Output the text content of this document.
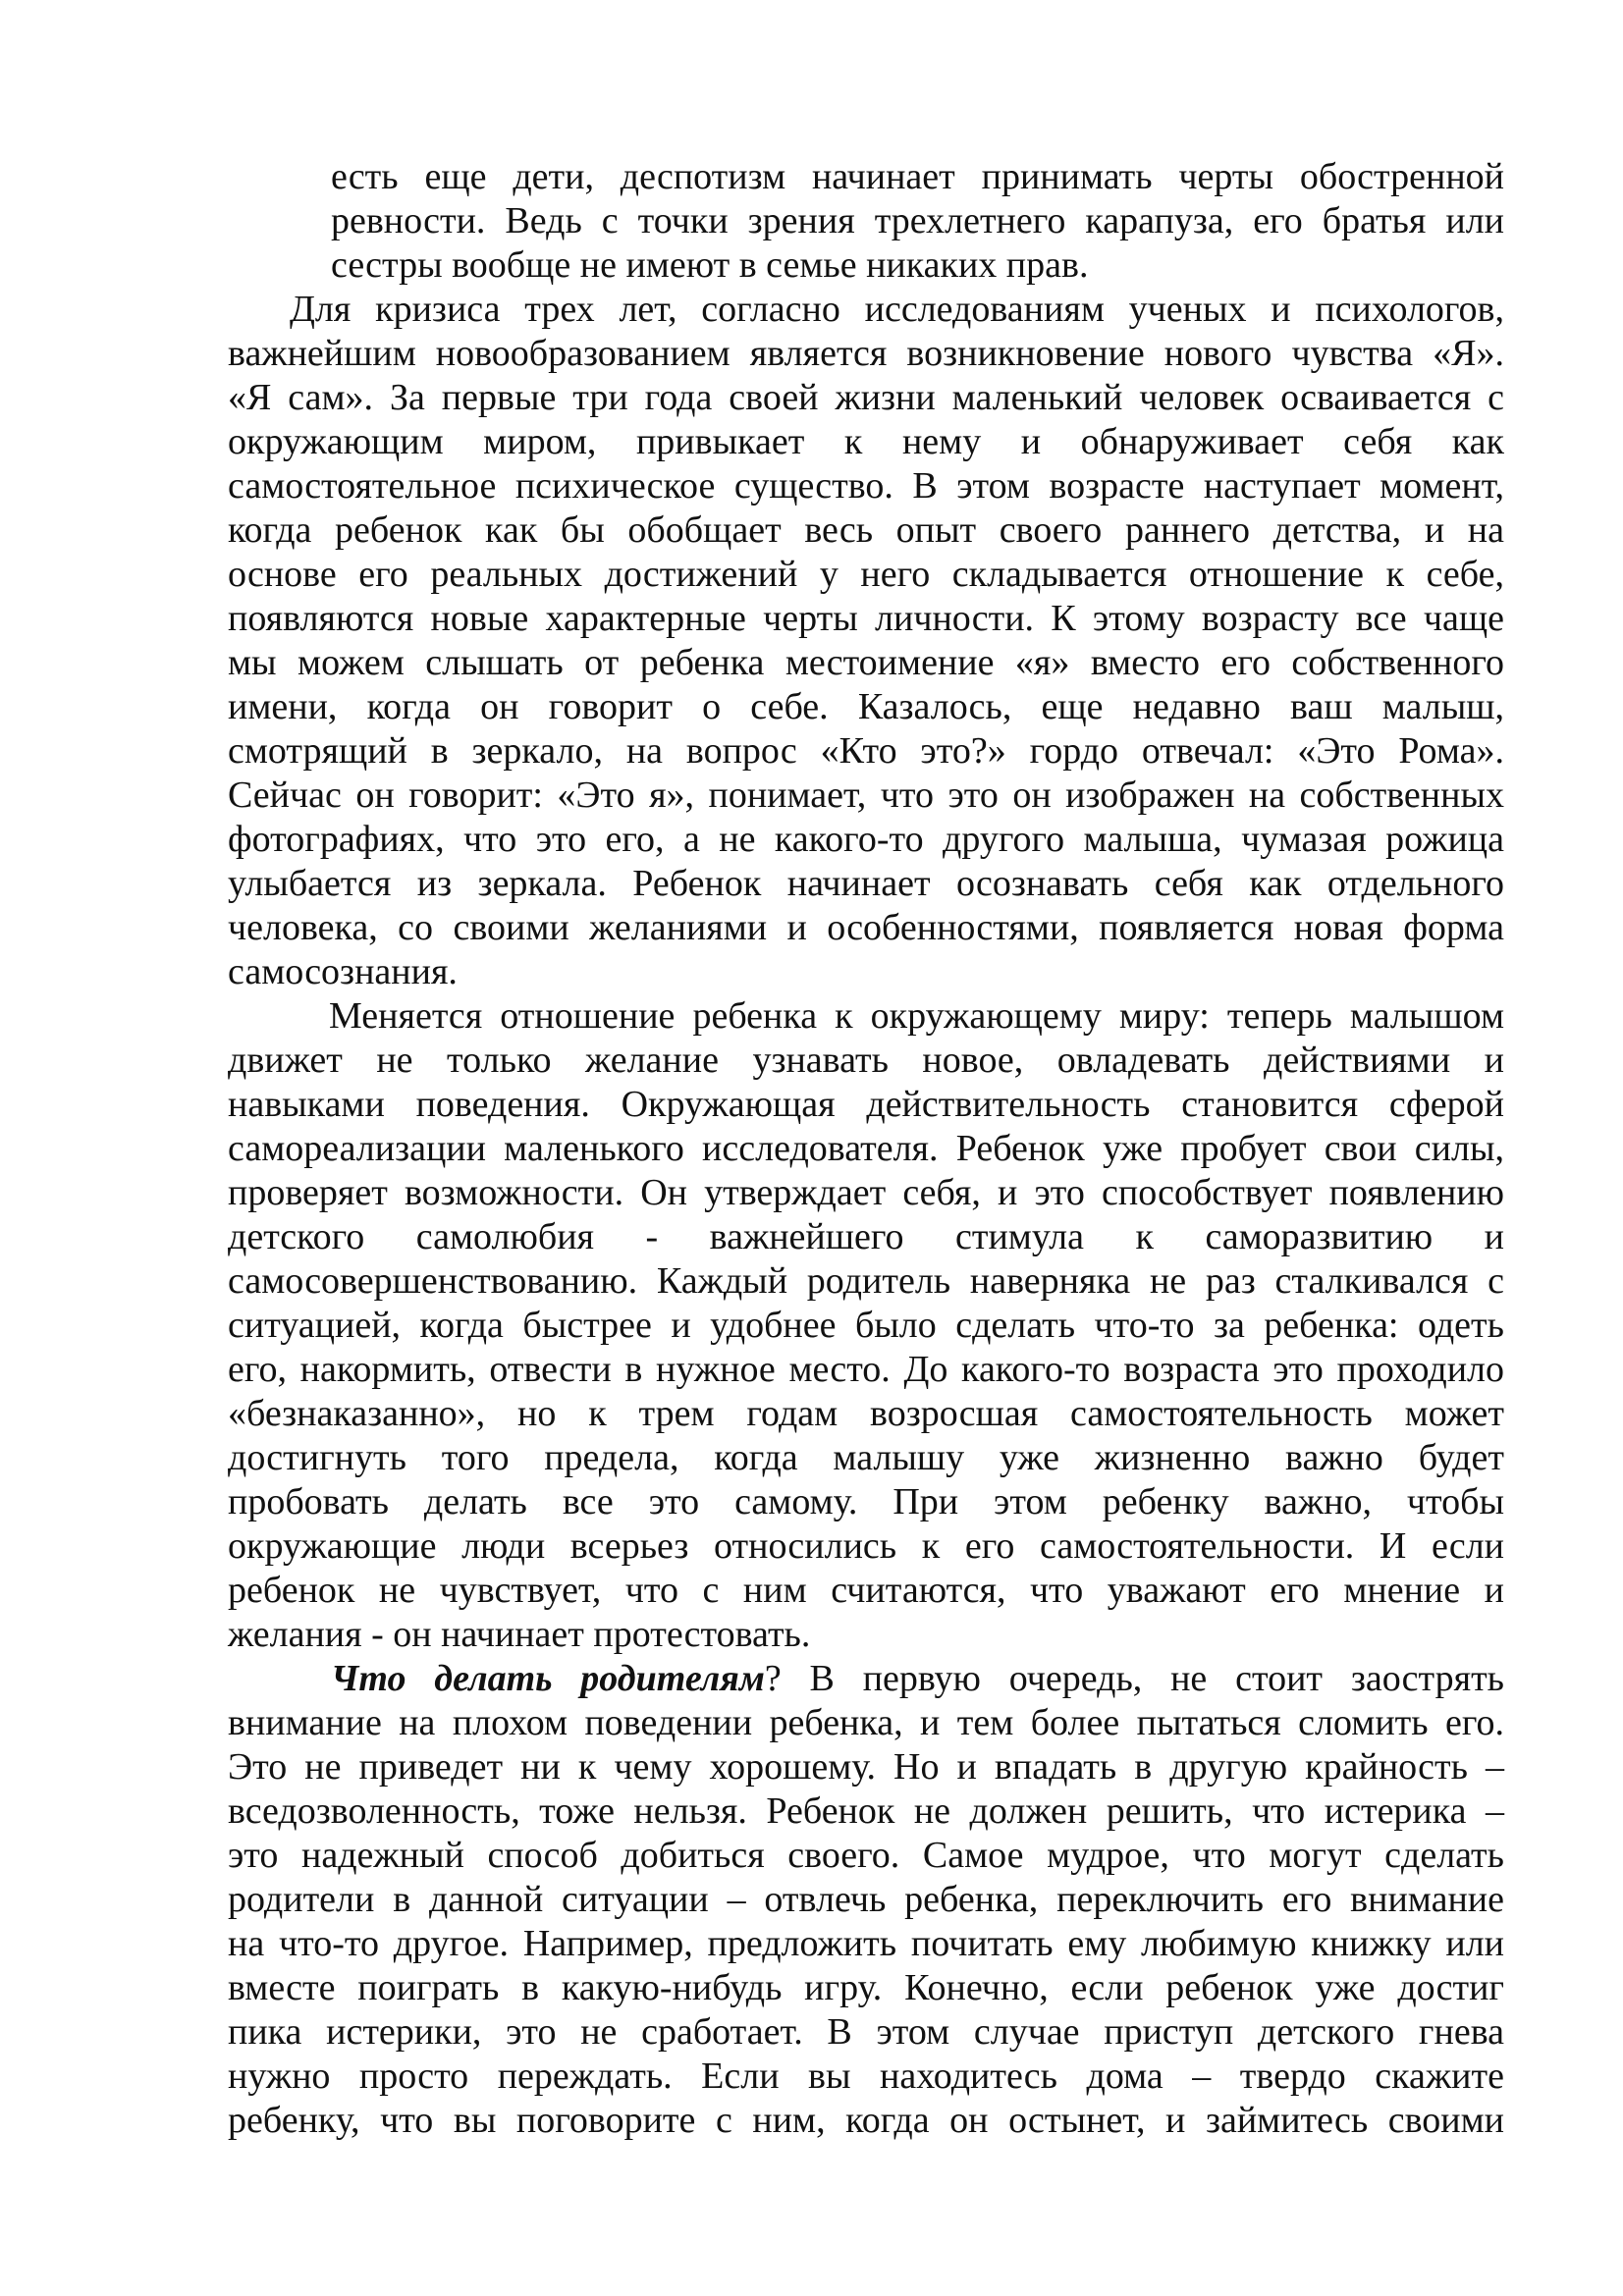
есть еще дети, деспотизм начинает принимать черты обостренной
ревности. Ведь с точки зрения трехлетнего карапуза, его братья или
сестры вообще не имеют в семье никаких прав.
Для кризиса трех лет, согласно исследованиям ученых и психологов,
важнейшим новообразованием является возникновение нового чувства «Я».
«Я сам». За первые три года своей жизни маленький человек осваивается с
окружающим миром, привыкает к нему и обнаруживает себя как
самостоятельное психическое существо. В этом возрасте наступает момент,
когда ребенок как бы обобщает весь опыт своего раннего детства, и на
основе его реальных достижений у него складывается отношение к себе,
появляются новые характерные черты личности. К этому возрасту все чаще
мы можем слышать от ребенка местоимение «я» вместо его собственного
имени, когда он говорит о себе. Казалось, еще недавно ваш малыш,
смотрящий в зеркало, на вопрос «Кто это?» гордо отвечал: «Это Рома».
Сейчас он говорит: «Это я», понимает, что это он изображен на собственных
фотографиях, что это его, а не какого-то другого малыша, чумазая рожица
улыбается из зеркала. Ребенок начинает осознавать себя как отдельного
человека, со своими желаниями и особенностями, появляется новая форма
самосознания.
Меняется отношение ребенка к окружающему миру: теперь малышом
движет не только желание узнавать новое, овладевать действиями и
навыками поведения. Окружающая действительность становится сферой
самореализации маленького исследователя. Ребенок уже пробует свои силы,
проверяет возможности. Он утверждает себя, и это способствует появлению
детского самолюбия - важнейшего стимула к саморазвитию и
самосовершенствованию. Каждый родитель наверняка не раз сталкивался с
ситуацией, когда быстрее и удобнее было сделать что-то за ребенка: одеть
его, накормить, отвести в нужное место. До какого-то возраста это проходило
«безнаказанно», но к трем годам возросшая самостоятельность может
достигнуть того предела, когда малышу уже жизненно важно будет
пробовать делать все это самому. При этом ребенку важно, чтобы
окружающие люди всерьез относились к его самостоятельности. И если
ребенок не чувствует, что с ним считаются, что уважают его мнение и
желания - он начинает протестовать.
Что делать родителям? В первую очередь, не стоит заострять
внимание на плохом поведении ребенка, и тем более пытаться сломить его.
Это не приведет ни к чему хорошему. Но и впадать в другую крайность –
вседозволенность, тоже нельзя. Ребенок не должен решить, что истерика –
это надежный способ добиться своего. Самое мудрое, что могут сделать
родители в данной ситуации – отвлечь ребенка, переключить его внимание
на что-то другое. Например, предложить почитать ему любимую книжку или
вместе поиграть в какую-нибудь игру. Конечно, если ребенок уже достиг
пика истерики, это не сработает. В этом случае приступ детского гнева
нужно просто переждать. Если вы находитесь дома – твердо скажите
ребенку, что вы поговорите с ним, когда он остынет, и займитесь своими
